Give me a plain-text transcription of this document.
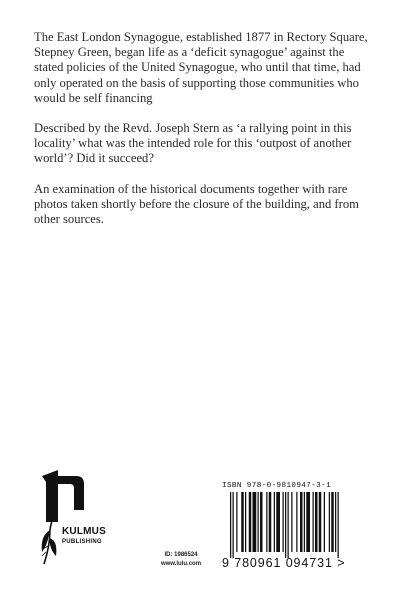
The East London Synagogue, established 1877 in Rectory Square, Stepney Green, began life as a ‘deficit synagogue’ against the stated policies of the United Synagogue, who until that time, had only operated on the basis of supporting those communities who would be self financing

Described by the Revd. Joseph Stern as ‘a rallying point in this locality’ what was the intended role for this ‘outpost of another world’? Did it succeed?

An examination of the historical documents together with rare photos taken shortly before the closure of the building, and from other sources.

KULMUS
PUBLISHING
ID: 1986524
www.lulu.com
ISBN 978-0-9810947-3-1
9 780961 094731 >
